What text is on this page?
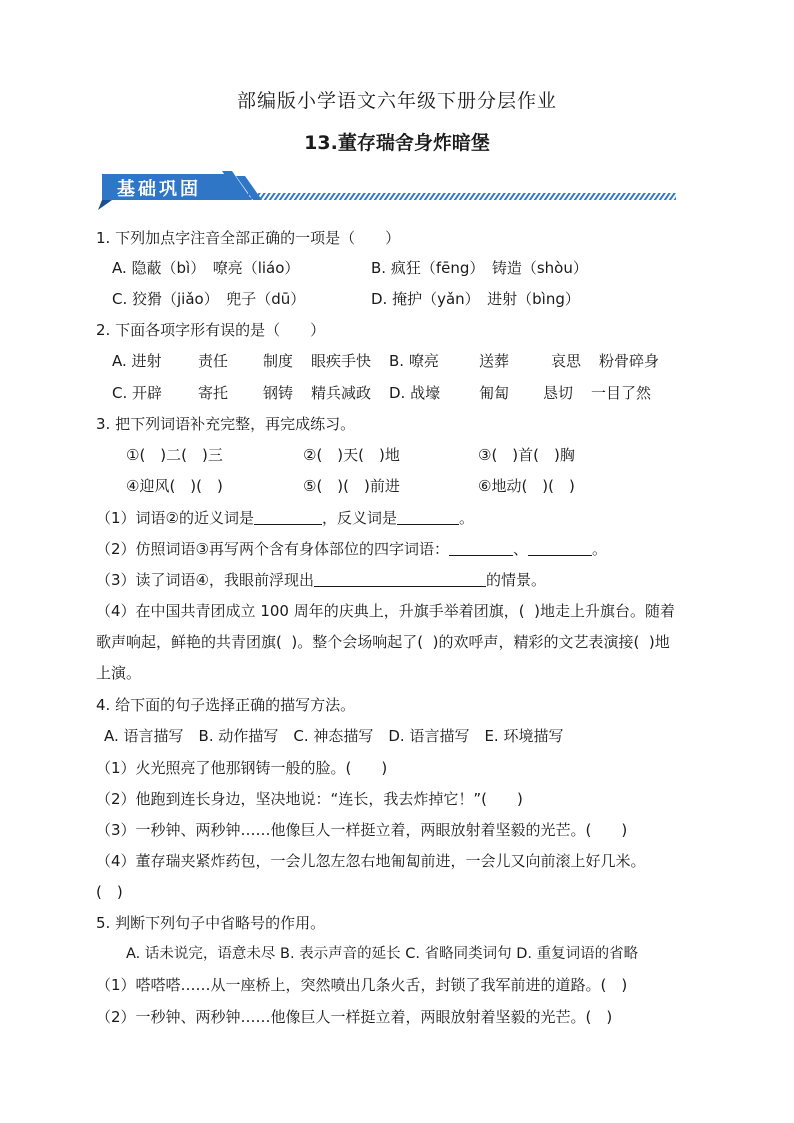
部编版小学语文六年级下册分层作业
13.董存瑞舍身炸暗堡
基础巩固
1. 下列加点字注音全部正确的一项是（　　）
A. 隐蔽（bì）　嘹亮（liáo）	B. 疯狂（fēng）　铸造（shòu）
C. 狡猾（jiǎo）　兜子（dū）	D. 掩护（yǎn）　进射（bìng）
2. 下面各项字形有误的是（　　）
A. 进射 责任 制度 眼疾手快 B. 嘹亮	送葬	哀思 粉骨碎身
C. 开辟 寄托 钢铸 精兵减政 D. 战壕	匍匐 恳切 一目了然
3. 把下列词语补充完整，再完成练习。
①(　)二(　)三	②(　)天(　)地	③(　)首(　)胸
④迎风(　)(　)	⑤(　)(　)前进	⑥地动(　)(　)
（1）词语②的近义词是	，反义词是	。
（2）仿照词语③再写两个含有身体部位的四字词语：	、	。
（3）读了词语④，我眼前浮现出	的情景。
（4）在中国共青团成立 100 周年的庆典上，升旗手举着团旗，(  )地走上升旗台。随着
歌声响起，鲜艳的共青团旗(  )。整个会场响起了(  )的欢呼声，精彩的文艺表演接(  )地
上演。
4. 给下面的句子选择正确的描写方法。
A. 语言描写　B. 动作描写　C. 神态描写　D. 语言描写　E. 环境描写
（1）火光照亮了他那钢铸一般的脸。(　　)
（2）他跑到连长身边，坚决地说：“连长，我去炸掉它！”(　　)
（3）一秒钟、两秒钟……他像巨人一样挺立着，两眼放射着坚毅的光芒。(　　)
（4）董存瑞夹紧炸药包，一会儿忽左忽右地匍匐前进，一会儿又向前滚上好几米。
(　)
5. 判断下列句子中省略号的作用。
A. 话未说完，语意未尽 B. 表示声音的延长 C. 省略同类词句 D. 重复词语的省略
（1）嗒嗒嗒……从一座桥上，突然喷出几条火舌，封锁了我军前进的道路。(　)
（2）一秒钟、两秒钟……他像巨人一样挺立着，两眼放射着坚毅的光芒。(　)
